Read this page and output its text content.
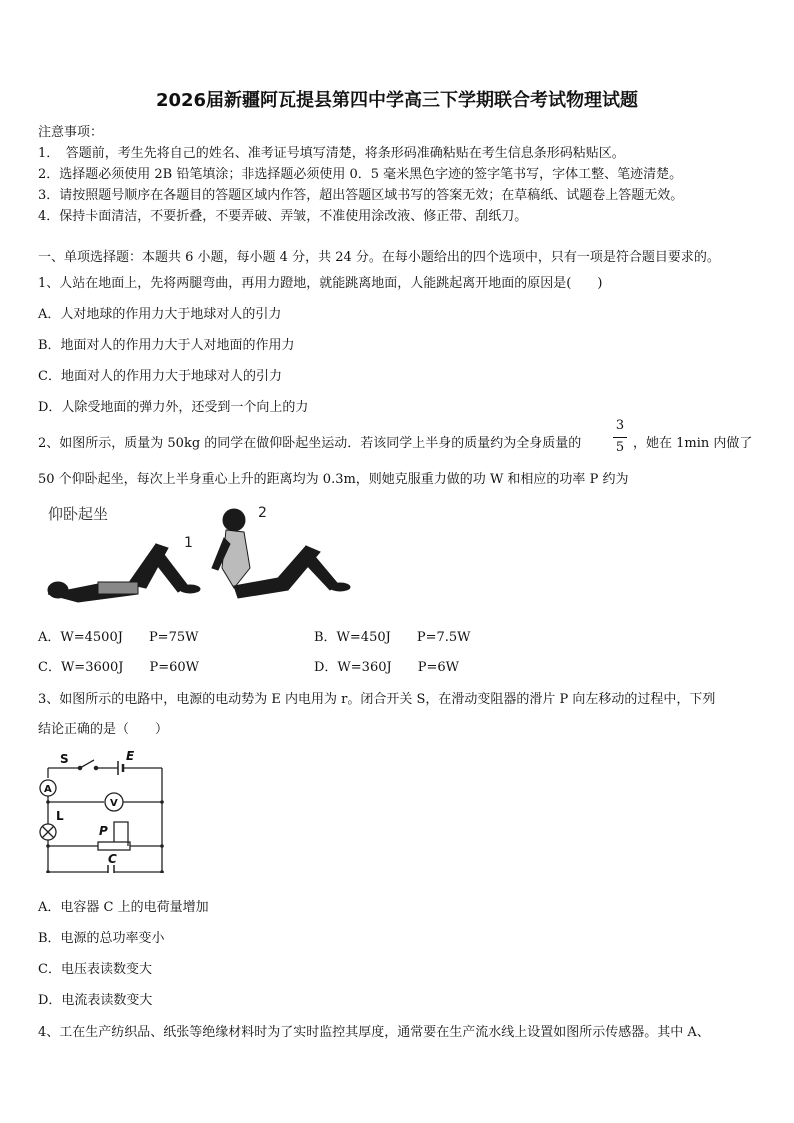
2026届新疆阿瓦提县第四中学高三下学期联合考试物理试题
注意事项：
1．　答题前，考生先将自己的姓名、准考证号填写清楚，将条形码准确粘贴在考生信息条形码粘贴区。
2．选择题必须使用 2B 铅笔填涂；非选择题必须使用 0．5 毫米黑色字迹的签字笔书写，字体工整、笔迹清楚。
3．请按照题号顺序在各题目的答题区域内作答，超出答题区域书写的答案无效；在草稿纸、试题卷上答题无效。
4．保持卡面清洁，不要折叠，不要弄破、弄皱，不准使用涂改液、修正带、刮纸刀。
一、单项选择题：本题共 6 小题，每小题 4 分，共 24 分。在每小题给出的四个选项中，只有一项是符合题目要求的。
1、人站在地面上，先将两腿弯曲，再用力蹬地，就能跳离地面，人能跳起离开地面的原因是(　　)
A．人对地球的作用力大于地球对人的引力
B．地面对人的作用力大于人对地面的作用力
C．地面对人的作用力大于地球对人的引力
D．人除受地面的弹力外，还受到一个向上的力
2、如图所示，质量为 50kg 的同学在做仰卧起坐运动．若该同学上半身的质量约为全身质量的
3
5 ，她在 1min 内做了
50 个仰卧起坐，每次上半身重心上升的距离均为 0.3m，则她克服重力做的功 W 和相应的功率 P 约为
仰卧起坐
1
2
A．W=4500J　　P=75W	B．W=450J　　P=7.5W
C．W=3600J　　P=60W	D．W=360J　　P=6W
3、如图所示的电路中，电源的电动势为 E 内电用为 r。闭合开关 S，在滑动变阻器的滑片 P 向左移动的过程中，下列
结论正确的是（　　）
S	E
A
V
L
P
C
A．电容器 C 上的电荷量增加
B．电源的总功率变小
C．电压表读数变大
D．电流表读数变大
4、工在生产纺织品、纸张等绝缘材料时为了实时监控其厚度，通常要在生产流水线上设置如图所示传感器。其中 A、
